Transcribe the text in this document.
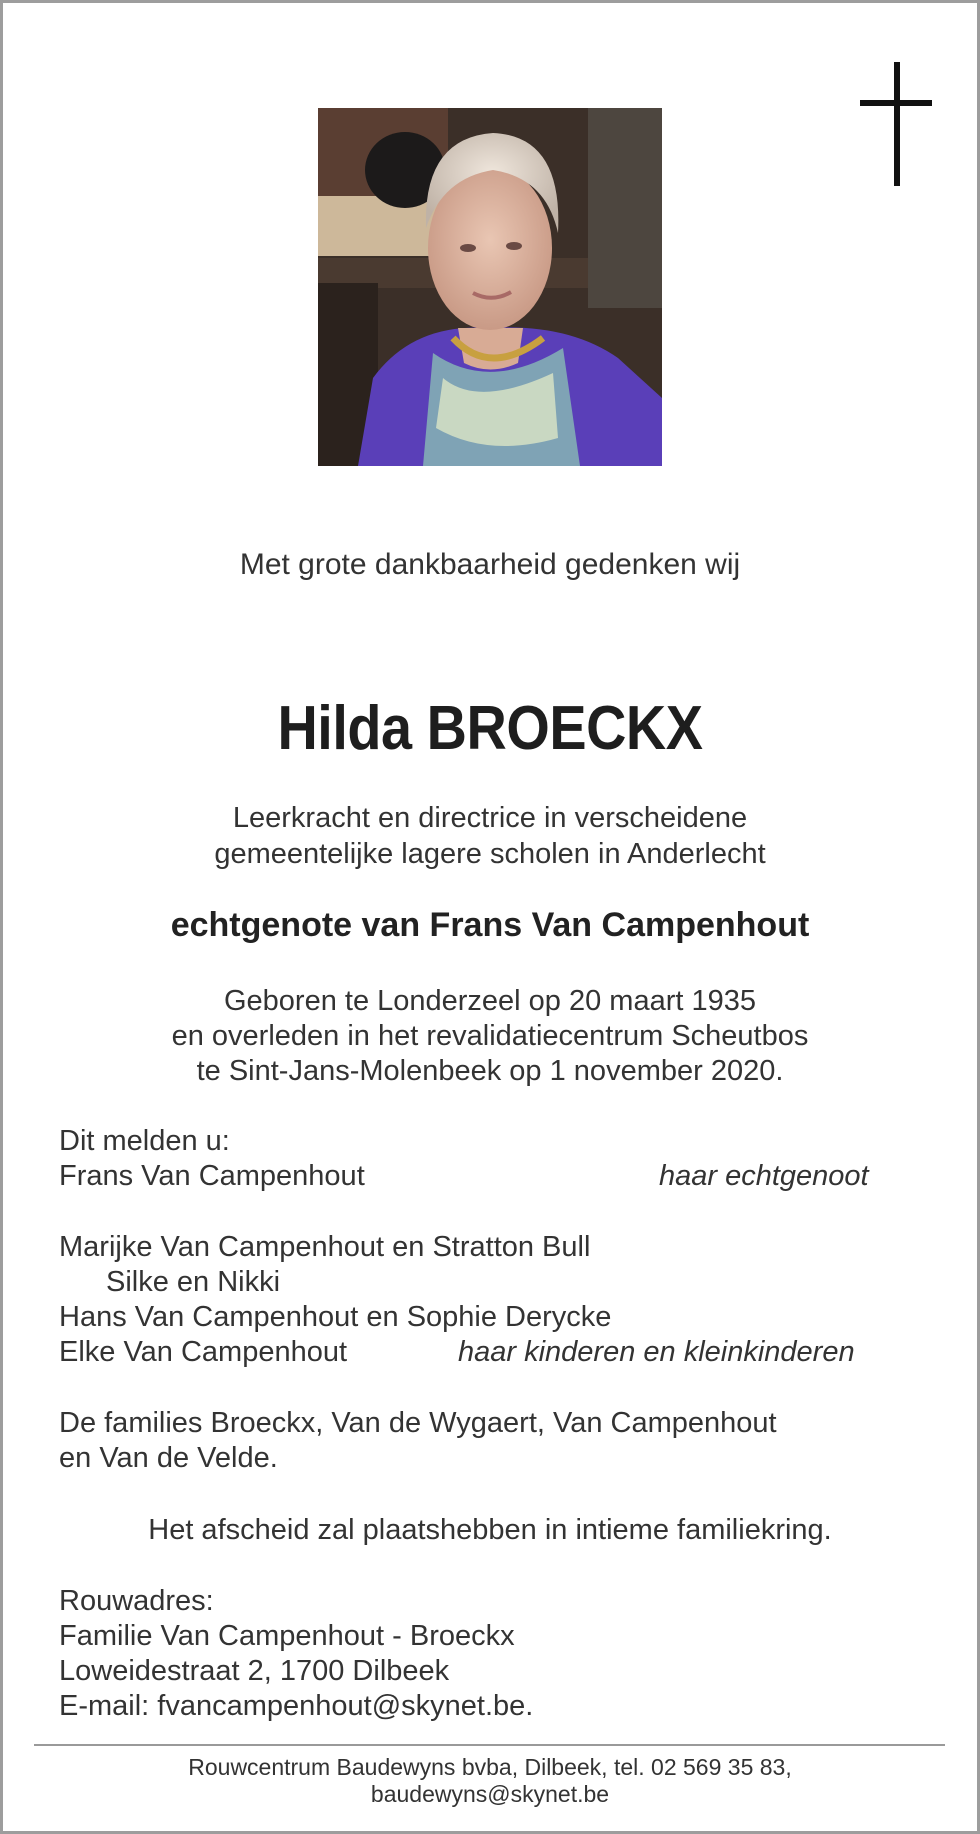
Met grote dankbaarheid gedenken wij
Hilda BROECKX
Leerkracht en directrice in verscheidene
gemeentelijke lagere scholen in Anderlecht
echtgenote van Frans Van Campenhout
Geboren te Londerzeel op 20 maart 1935
en overleden in het revalidatiecentrum Scheutbos
te Sint-Jans-Molenbeek op 1 november 2020.
Dit melden u:
Frans Van Campenhout	haar echtgenoot
Marijke Van Campenhout en Stratton Bull
Silke en Nikki
Hans Van Campenhout en Sophie Derycke
Elke Van Campenhout	haar kinderen en kleinkinderen
De families Broeckx, Van de Wygaert, Van Campenhout
en Van de Velde.
Het afscheid zal plaatshebben in intieme familiekring.
Rouwadres:
Familie Van Campenhout - Broeckx
Loweidestraat 2, 1700 Dilbeek
E-mail: fvancampenhout@skynet.be.
Rouwcentrum Baudewyns bvba, Dilbeek, tel. 02 569 35 83,
baudewyns@skynet.be
